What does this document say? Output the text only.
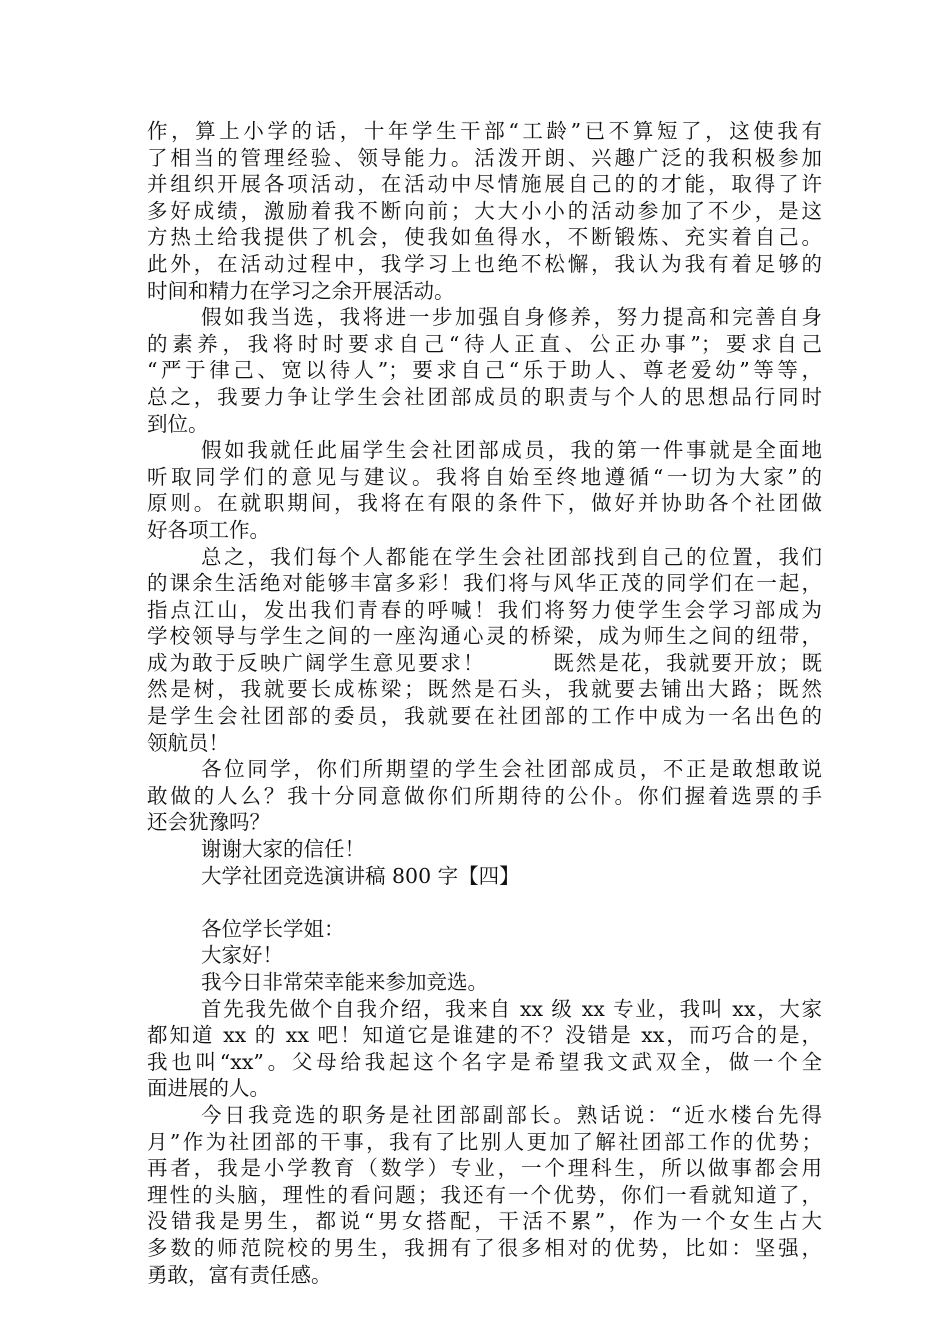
作，算上小学的话，十年学生干部“工龄”已不算短了，这使我有
了相当的管理经验、领导能力。活泼开朗、兴趣广泛的我积极参加
并组织开展各项活动，在活动中尽情施展自己的的才能，取得了许
多好成绩，激励着我不断向前；大大小小的活动参加了不少，是这
方热土给我提供了机会，使我如鱼得水，不断锻炼、充实着自己。
此外，在活动过程中，我学习上也绝不松懈，我认为我有着足够的
时间和精力在学习之余开展活动。
假如我当选，我将进一步加强自身修养，努力提高和完善自身
的素养，我将时时要求自己“待人正直、公正办事”；要求自己
“严于律己、宽以待人”；要求自己“乐于助人、尊老爱幼”等等，
总之，我要力争让学生会社团部成员的职责与个人的思想品行同时
到位。
假如我就任此届学生会社团部成员，我的第一件事就是全面地
听取同学们的意见与建议。我将自始至终地遵循“一切为大家”的
原则。在就职期间，我将在有限的条件下，做好并协助各个社团做
好各项工作。
总之，我们每个人都能在学生会社团部找到自己的位置，我们
的课余生活绝对能够丰富多彩！我们将与风华正茂的同学们在一起，
指点江山，发出我们青春的呼喊！我们将努力使学生会学习部成为
学校领导与学生之间的一座沟通心灵的桥梁，成为师生之间的纽带，
成为敢于反映广阔学生意见要求！　　　既然是花，我就要开放；既
然是树，我就要长成栋梁；既然是石头，我就要去铺出大路；既然
是学生会社团部的委员，我就要在社团部的工作中成为一名出色的
领航员！
各位同学，你们所期望的学生会社团部成员，不正是敢想敢说
敢做的人么？我十分同意做你们所期待的公仆。你们握着选票的手
还会犹豫吗？
谢谢大家的信任！
大学社团竞选演讲稿 800 字【四】
各位学长学姐：
大家好！
我今日非常荣幸能来参加竞选。
首先我先做个自我介绍，我来自 xx 级 xx 专业，我叫 xx，大家
都知道 xx 的 xx 吧！知道它是谁建的不？没错是 xx，而巧合的是，
我也叫“xx”。父母给我起这个名字是希望我文武双全，做一个全
面进展的人。
今日我竞选的职务是社团部副部长。熟话说：“近水楼台先得
月”作为社团部的干事，我有了比别人更加了解社团部工作的优势；
再者，我是小学教育（数学）专业，一个理科生，所以做事都会用
理性的头脑，理性的看问题；我还有一个优势，你们一看就知道了，
没错我是男生，都说“男女搭配，干活不累”，作为一个女生占大
多数的师范院校的男生，我拥有了很多相对的优势，比如：坚强，
勇敢，富有责任感。
